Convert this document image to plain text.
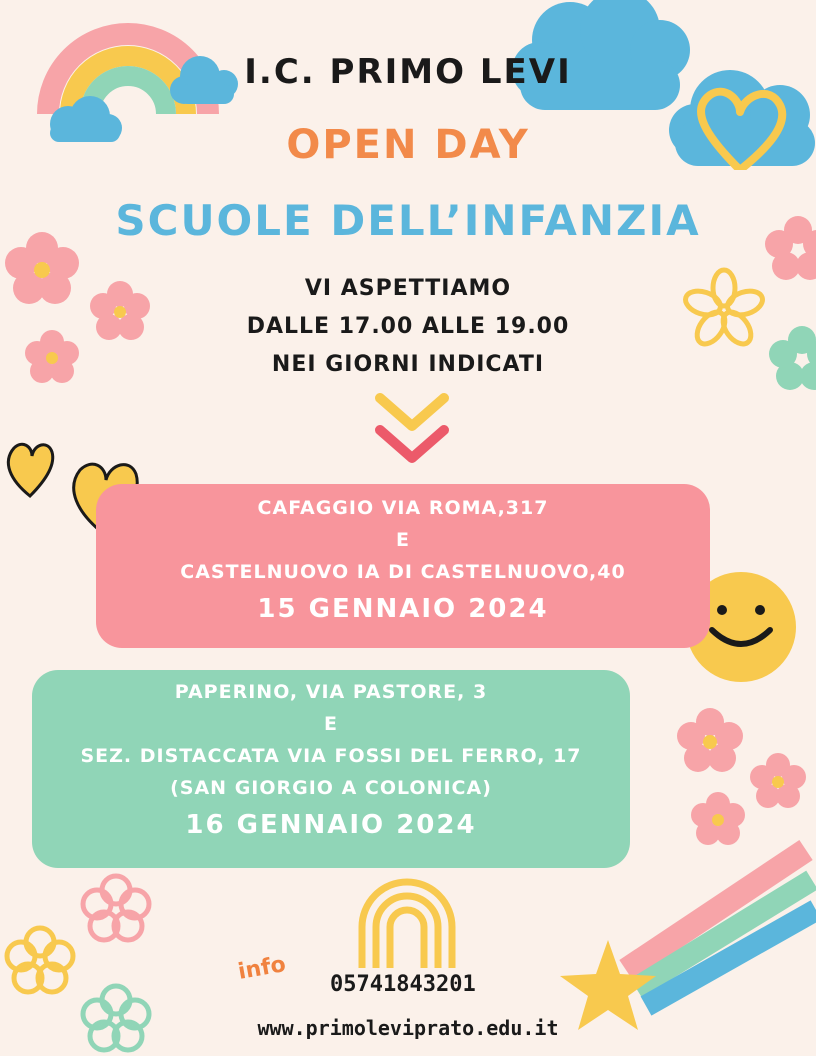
I.C. PRIMO LEVI
OPEN DAY
SCUOLE DELL’INFANZIA
VI ASPETTIAMO
DALLE 17.00 ALLE 19.00
NEI GIORNI INDICATI
CAFAGGIO VIA ROMA,317
E
CASTELNUOVO IA DI CASTELNUOVO,40
15 GENNAIO 2024
PAPERINO, VIA PASTORE, 3
E
SEZ. DISTACCATA VIA FOSSI DEL FERRO, 17
(SAN GIORGIO A COLONICA)
16 GENNAIO 2024
info 05741843201
www.primoleviprato.edu.it
